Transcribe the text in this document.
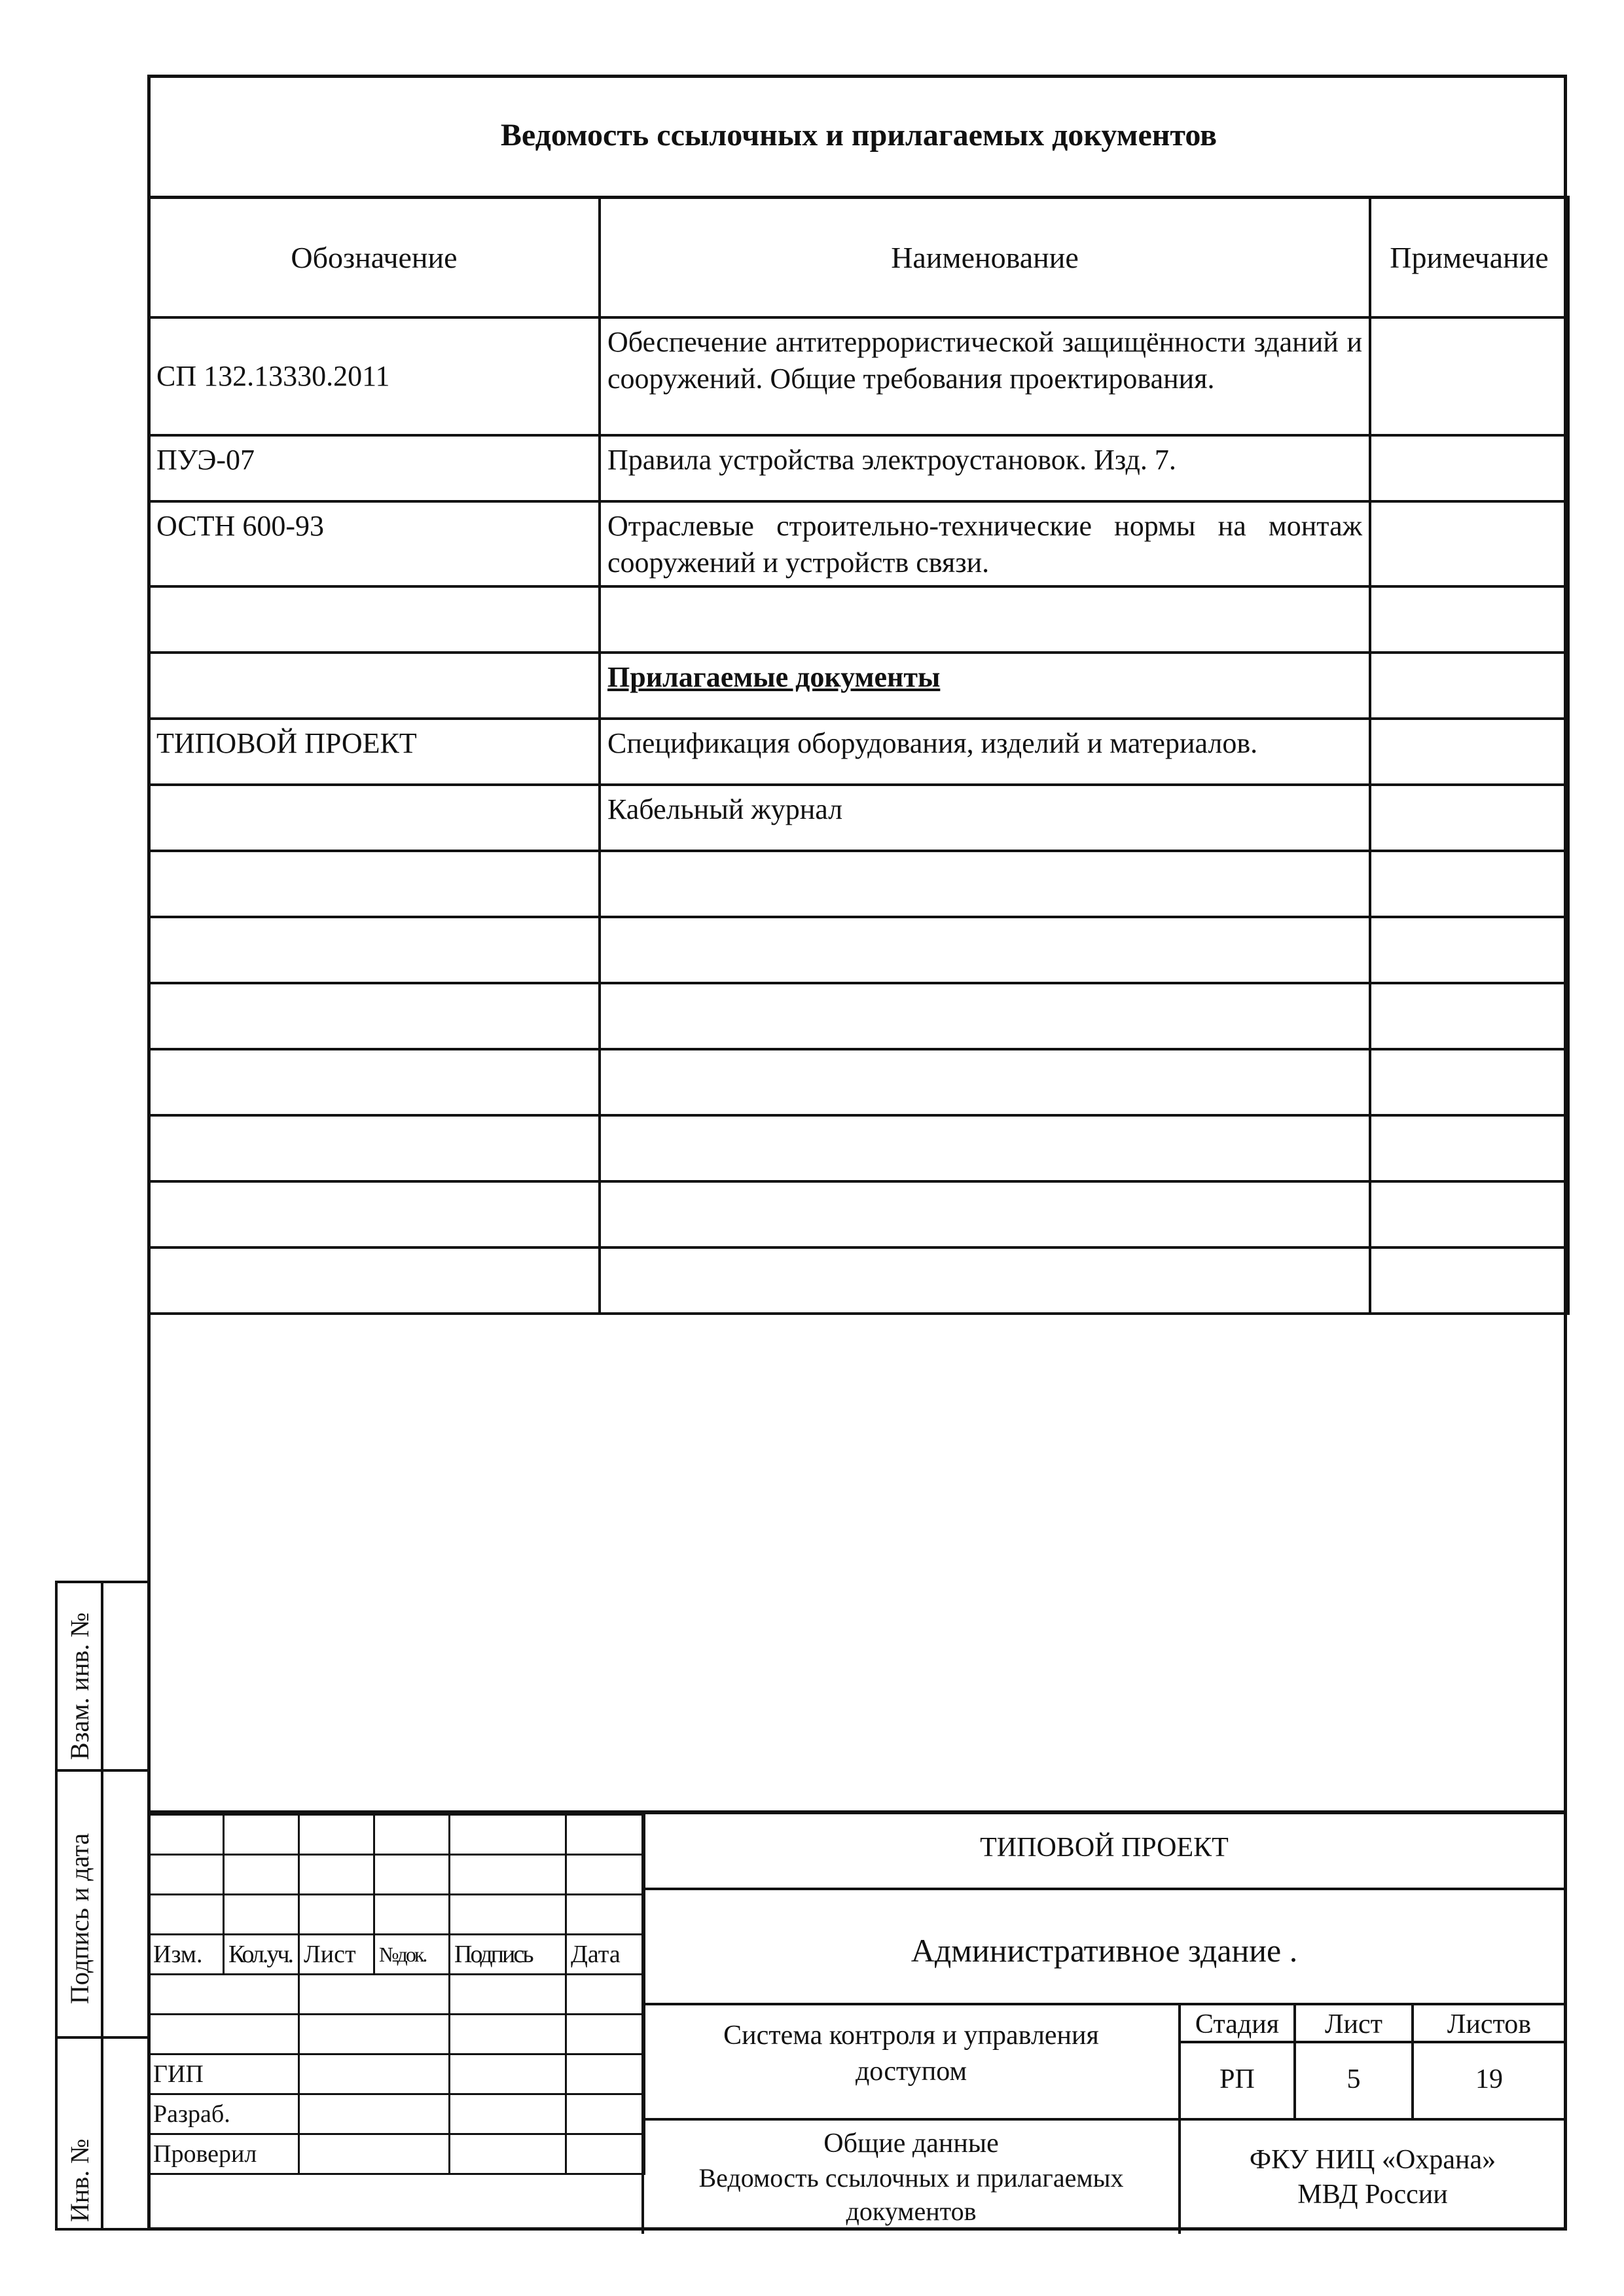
Ведомость ссылочных и прилагаемых документов
Обозначение	Наименование	Примечание
СП 132.13330.2011	Обеспечение антитеррористической защищённости зданий и сооружений. Общие требования проектирования.	
ПУЭ-07	Правила устройства электроустановок. Изд. 7.	
ОСТН 600-93	Отраслевые строительно-технические нормы на монтаж сооружений и устройств связи.	

	Прилагаемые документы	
ТИПОВОЙ ПРОЕКТ	Спецификация оборудования, изделий и материалов.	
	Кабельный журнал	

Взам. инв. №
Подпись и дата
Инв. №

Изм.	Кол.уч.	Лист	№док.	Подпись	Дата

ГИП					
Разраб.					
Проверил					
ТИПОВОЙ ПРОЕКТ
Административное здание .
Система контроля и управления
доступом
Стадия	Лист	Листов
РП	5	19
Общие данные
Ведомость ссылочных и прилагаемых
документов
ФКУ НИЦ «Охрана»
МВД России
